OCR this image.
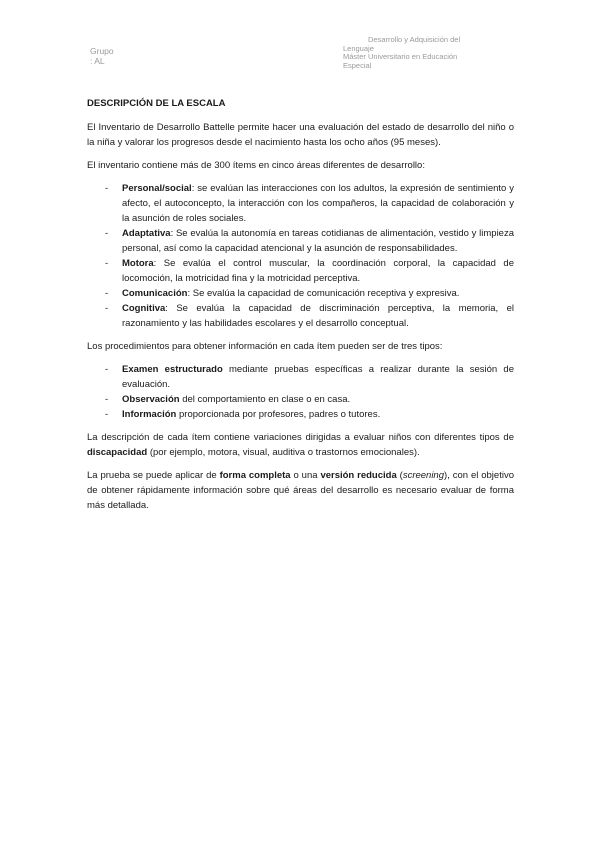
Grupo
: AL
Desarrollo y Adquisición del
Lenguaje
Máster Universitario en Educación
Especial

DESCRIPCIÓN DE LA ESCALA

El Inventario de Desarrollo Battelle permite hacer una evaluación del estado de desarrollo del niño o la niña y valorar los progresos desde el nacimiento hasta los ocho años (95 meses).

El inventario contiene más de 300 ítems en cinco áreas diferentes de desarrollo:

- Personal/social: se evalúan las interacciones con los adultos, la expresión de sentimiento y afecto, el autoconcepto, la interacción con los compañeros, la capacidad de colaboración y la asunción de roles sociales.
- Adaptativa: Se evalúa la autonomía en tareas cotidianas de alimentación, vestido y limpieza personal, así como la capacidad atencional y la asunción de responsabilidades.
- Motora: Se evalúa el control muscular, la coordinación corporal, la capacidad de locomoción, la motricidad fina y la motricidad perceptiva.
- Comunicación: Se evalúa la capacidad de comunicación receptiva y expresiva.
- Cognitiva: Se evalúa la capacidad de discriminación perceptiva, la memoria, el razonamiento y las habilidades escolares y el desarrollo conceptual.

Los procedimientos para obtener información en cada ítem pueden ser de tres tipos:

- Examen estructurado mediante pruebas específicas a realizar durante la sesión de evaluación.
- Observación del comportamiento en clase o en casa.
- Información proporcionada por profesores, padres o tutores.

La descripción de cada ítem contiene variaciones dirigidas a evaluar niños con diferentes tipos de discapacidad (por ejemplo, motora, visual, auditiva o trastornos emocionales).

La prueba se puede aplicar de forma completa o una versión reducida (screening), con el objetivo de obtener rápidamente información sobre qué áreas del desarrollo es necesario evaluar de forma más detallada.
